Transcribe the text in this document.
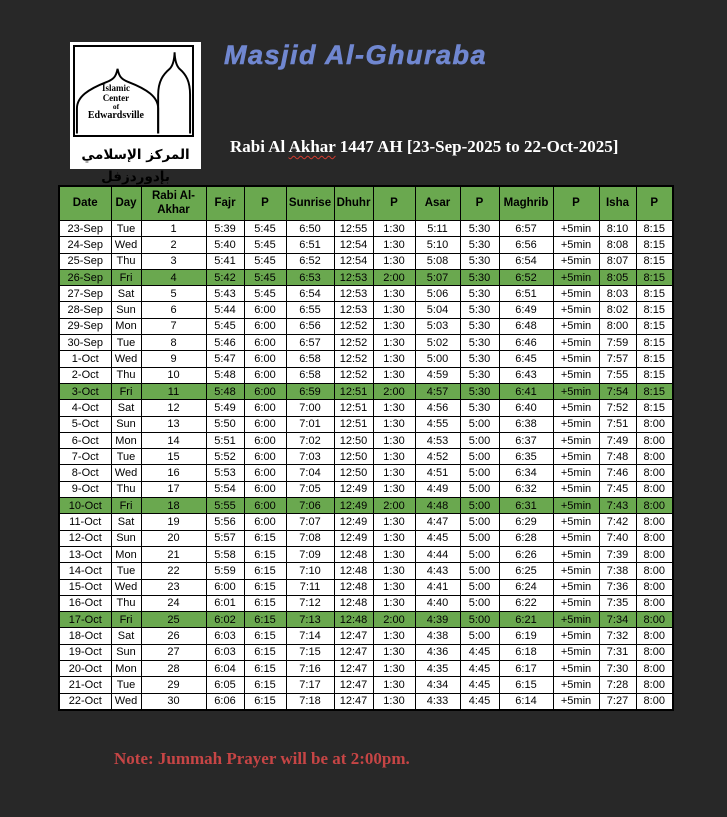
Islamic
Center
of
Edwardsville
المركز الإسلامي بإدوردزفل
Masjid Al-Ghuraba
Rabi Al Akhar 1447 AH [23-Sep-2025 to 22-Oct-2025]
Date	Day	Rabi Al-Akhar	Fajr	P	Sunrise	Dhuhr	P	Asar	P	Maghrib	P	Isha	P
23-Sep	Tue	1	5:39	5:45	6:50	12:55	1:30	5:11	5:30	6:57	+5min	8:10	8:15
24-Sep	Wed	2	5:40	5:45	6:51	12:54	1:30	5:10	5:30	6:56	+5min	8:08	8:15
25-Sep	Thu	3	5:41	5:45	6:52	12:54	1:30	5:08	5:30	6:54	+5min	8:07	8:15
26-Sep	Fri	4	5:42	5:45	6:53	12:53	2:00	5:07	5:30	6:52	+5min	8:05	8:15
27-Sep	Sat	5	5:43	5:45	6:54	12:53	1:30	5:06	5:30	6:51	+5min	8:03	8:15
28-Sep	Sun	6	5:44	6:00	6:55	12:53	1:30	5:04	5:30	6:49	+5min	8:02	8:15
29-Sep	Mon	7	5:45	6:00	6:56	12:52	1:30	5:03	5:30	6:48	+5min	8:00	8:15
30-Sep	Tue	8	5:46	6:00	6:57	12:52	1:30	5:02	5:30	6:46	+5min	7:59	8:15
1-Oct	Wed	9	5:47	6:00	6:58	12:52	1:30	5:00	5:30	6:45	+5min	7:57	8:15
2-Oct	Thu	10	5:48	6:00	6:58	12:52	1:30	4:59	5:30	6:43	+5min	7:55	8:15
3-Oct	Fri	11	5:48	6:00	6:59	12:51	2:00	4:57	5:30	6:41	+5min	7:54	8:15
4-Oct	Sat	12	5:49	6:00	7:00	12:51	1:30	4:56	5:30	6:40	+5min	7:52	8:15
5-Oct	Sun	13	5:50	6:00	7:01	12:51	1:30	4:55	5:00	6:38	+5min	7:51	8:00
6-Oct	Mon	14	5:51	6:00	7:02	12:50	1:30	4:53	5:00	6:37	+5min	7:49	8:00
7-Oct	Tue	15	5:52	6:00	7:03	12:50	1:30	4:52	5:00	6:35	+5min	7:48	8:00
8-Oct	Wed	16	5:53	6:00	7:04	12:50	1:30	4:51	5:00	6:34	+5min	7:46	8:00
9-Oct	Thu	17	5:54	6:00	7:05	12:49	1:30	4:49	5:00	6:32	+5min	7:45	8:00
10-Oct	Fri	18	5:55	6:00	7:06	12:49	2:00	4:48	5:00	6:31	+5min	7:43	8:00
11-Oct	Sat	19	5:56	6:00	7:07	12:49	1:30	4:47	5:00	6:29	+5min	7:42	8:00
12-Oct	Sun	20	5:57	6:15	7:08	12:49	1:30	4:45	5:00	6:28	+5min	7:40	8:00
13-Oct	Mon	21	5:58	6:15	7:09	12:48	1:30	4:44	5:00	6:26	+5min	7:39	8:00
14-Oct	Tue	22	5:59	6:15	7:10	12:48	1:30	4:43	5:00	6:25	+5min	7:38	8:00
15-Oct	Wed	23	6:00	6:15	7:11	12:48	1:30	4:41	5:00	6:24	+5min	7:36	8:00
16-Oct	Thu	24	6:01	6:15	7:12	12:48	1:30	4:40	5:00	6:22	+5min	7:35	8:00
17-Oct	Fri	25	6:02	6:15	7:13	12:48	2:00	4:39	5:00	6:21	+5min	7:34	8:00
18-Oct	Sat	26	6:03	6:15	7:14	12:47	1:30	4:38	5:00	6:19	+5min	7:32	8:00
19-Oct	Sun	27	6:03	6:15	7:15	12:47	1:30	4:36	4:45	6:18	+5min	7:31	8:00
20-Oct	Mon	28	6:04	6:15	7:16	12:47	1:30	4:35	4:45	6:17	+5min	7:30	8:00
21-Oct	Tue	29	6:05	6:15	7:17	12:47	1:30	4:34	4:45	6:15	+5min	7:28	8:00
22-Oct	Wed	30	6:06	6:15	7:18	12:47	1:30	4:33	4:45	6:14	+5min	7:27	8:00
Note: Jummah Prayer will be at 2:00pm.
